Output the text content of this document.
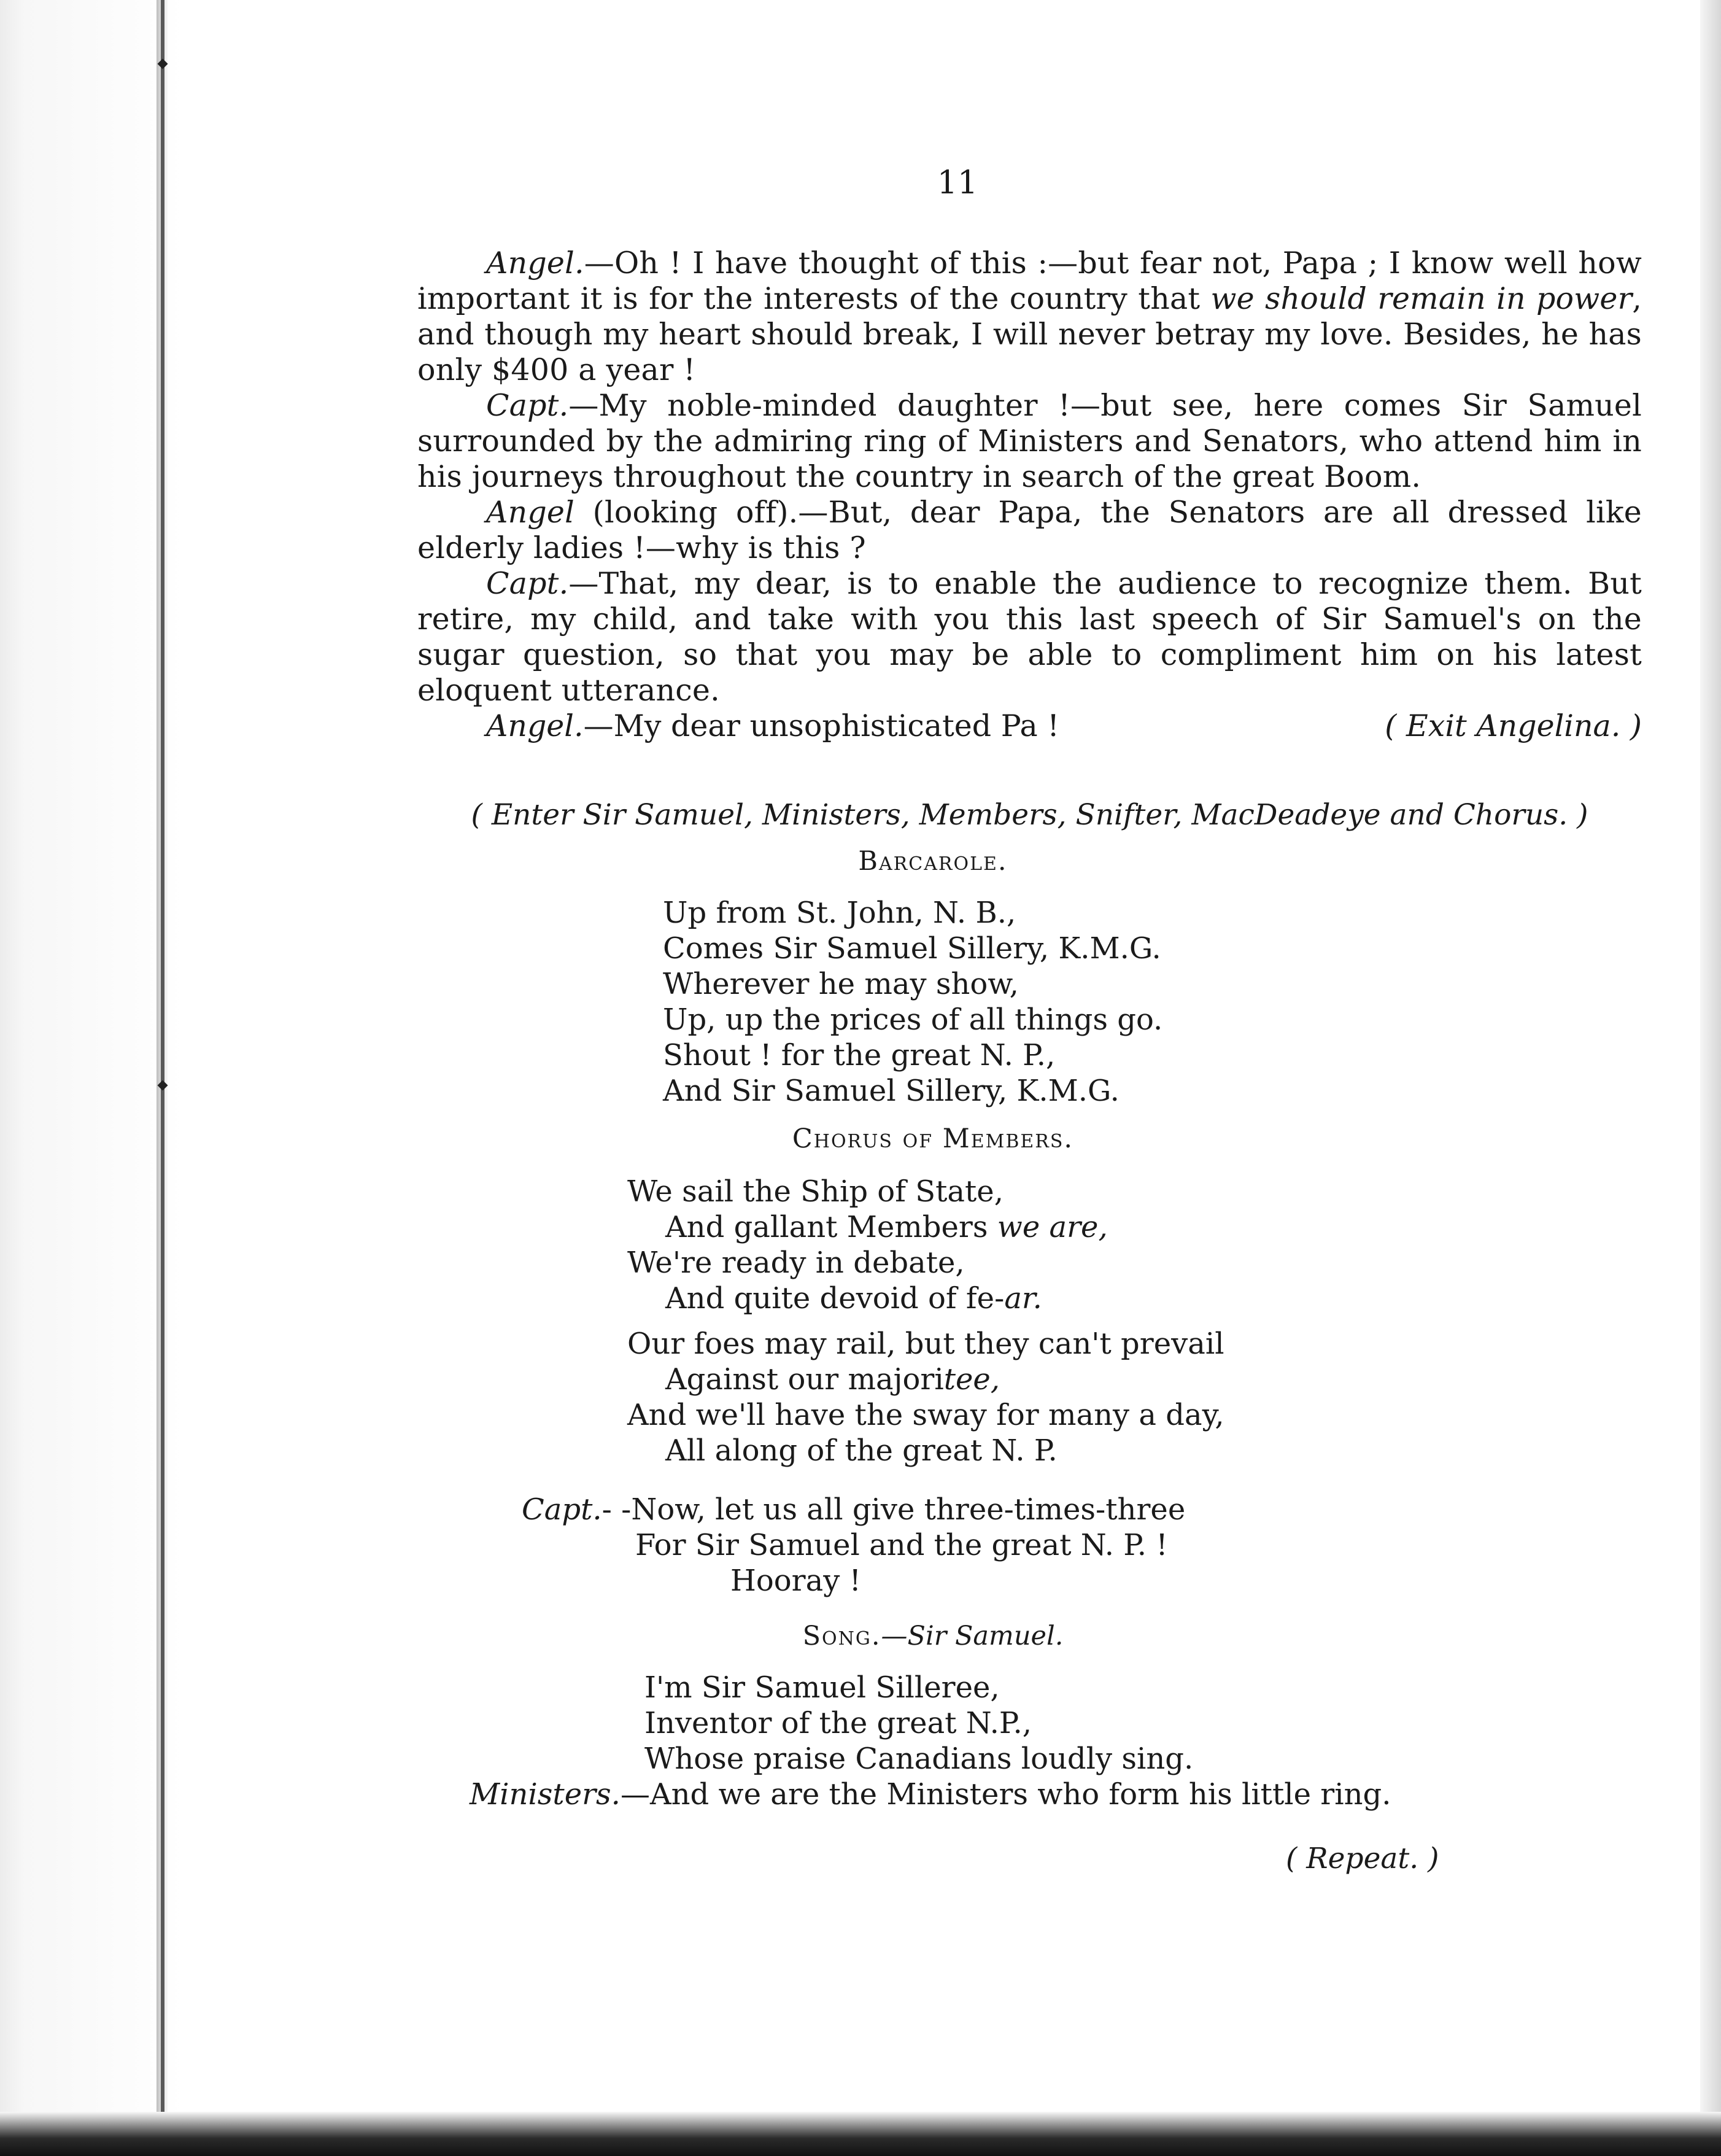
11

Angel.—Oh ! I have thought of this :—but fear not, Papa ; I know well how important it is for the interests of the country that we should remain in power, and though my heart should break, I will never betray my love. Besides, he has only $400 a year !

Capt.—My noble-minded daughter !—but see, here comes Sir Samuel surrounded by the admiring ring of Ministers and Senators, who attend him in his journeys throughout the country in search of the great Boom.

Angel (looking off).—But, dear Papa, the Senators are all dressed like elderly ladies !—why is this ?

Capt.—That, my dear, is to enable the audience to recognize them. But retire, my child, and take with you this last speech of Sir Samuel's on the sugar question, so that you may be able to compliment him on his latest eloquent utterance.

Angel.—My dear unsophisticated Pa !	( Exit Angelina. )

( Enter Sir Samuel, Ministers, Members, Snifter, MacDeadeye and Chorus. )
Barcarole.
Up from St. John, N. B.,
Comes Sir Samuel Sillery, K.M.G.
Wherever he may show,
Up, up the prices of all things go.
Shout ! for the great N. P.,
And Sir Samuel Sillery, K.M.G.
Chorus of Members.
We sail the Ship of State,
And gallant Members we are,
We're ready in debate,
And quite devoid of fe-ar.
Our foes may rail, but they can't prevail
Against our majoritee,
And we'll have the sway for many a day,
All along of the great N. P.
Capt.- -Now, let us all give three-times-three
For Sir Samuel and the great N. P. !
Hooray !
Song.—Sir Samuel.
I'm Sir Samuel Silleree,
Inventor of the great N.P.,
Whose praise Canadians loudly sing.
Ministers.—And we are the Ministers who form his little ring.
( Repeat. )
